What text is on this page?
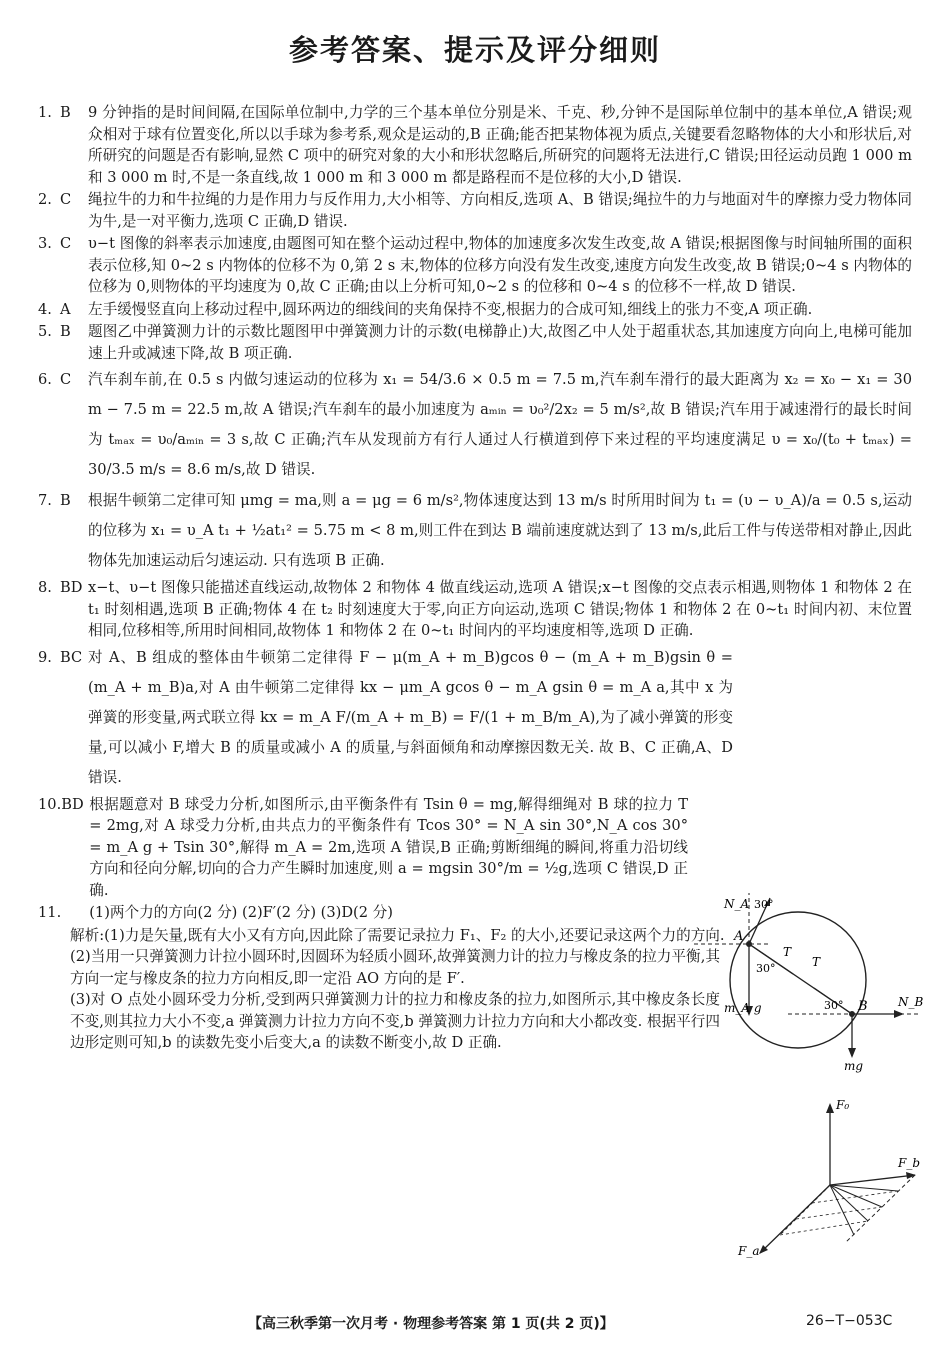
参考答案、提示及评分细则
1. B	9 分钟指的是时间间隔,在国际单位制中,力学的三个基本单位分别是米、千克、秒,分钟不是国际单位制中的基本单位,A 错误;观众相对于球有位置变化,所以以手球为参考系,观众是运动的,B 正确;能否把某物体视为质点,关键要看忽略物体的大小和形状后,对所研究的问题是否有影响,显然 C 项中的研究对象的大小和形状忽略后,所研究的问题将无法进行,C 错误;田径运动员跑 1 000 m 和 3 000 m 时,不是一条直线,故 1 000 m 和 3 000 m 都是路程而不是位移的大小,D 错误.
2. C	绳拉牛的力和牛拉绳的力是作用力与反作用力,大小相等、方向相反,选项 A、B 错误;绳拉牛的力与地面对牛的摩擦力受力物体同为牛,是一对平衡力,选项 C 正确,D 错误.
3. C	υ−t 图像的斜率表示加速度,由题图可知在整个运动过程中,物体的加速度多次发生改变,故 A 错误;根据图像与时间轴所围的面积表示位移,知 0~2 s 内物体的位移不为 0,第 2 s 末,物体的位移方向没有发生改变,速度方向发生改变,故 B 错误;0~4 s 内物体的位移为 0,则物体的平均速度为 0,故 C 正确;由以上分析可知,0~2 s 的位移和 0~4 s 的位移不一样,故 D 错误.
4. A	左手缓慢竖直向上移动过程中,圆环两边的细线间的夹角保持不变,根据力的合成可知,细线上的张力不变,A 项正确.
5. B	题图乙中弹簧测力计的示数比题图甲中弹簧测力计的示数(电梯静止)大,故图乙中人处于超重状态,其加速度方向向上,电梯可能加速上升或减速下降,故 B 项正确.
6. C	汽车刹车前,在 0.5 s 内做匀速运动的位移为 x₁ = 54/3.6 × 0.5 m = 7.5 m,汽车刹车滑行的最大距离为 x₂ = x₀ − x₁ = 30 m − 7.5 m = 22.5 m,故 A 错误;汽车刹车的最小加速度为 aₘᵢₙ = υ₀²/2x₂ = 5 m/s²,故 B 错误;汽车用于减速滑行的最长时间为 tₘₐₓ = υ₀/aₘᵢₙ = 3 s,故 C 正确;汽车从发现前方有行人通过人行横道到停下来过程的平均速度满足 υ = x₀/(t₀ + tₘₐₓ) = 30/3.5 m/s = 8.6 m/s,故 D 错误.
7. B	根据牛顿第二定律可知 μmg = ma,则 a = μg = 6 m/s²,物体速度达到 13 m/s 时所用时间为 t₁ = (υ − υ_A)/a = 0.5 s,运动的位移为 x₁ = υ_A t₁ + ½at₁² = 5.75 m < 8 m,则工件在到达 B 端前速度就达到了 13 m/s,此后工件与传送带相对静止,因此物体先加速运动后匀速运动. 只有选项 B 正确.
8. BD x−t、υ−t 图像只能描述直线运动,故物体 2 和物体 4 做直线运动,选项 A 错误;x−t 图像的交点表示相遇,则物体 1 和物体 2 在 t₁ 时刻相遇,选项 B 正确;物体 4 在 t₂ 时刻速度大于零,向正方向运动,选项 C 错误;物体 1 和物体 2 在 0~t₁ 时间内初、末位置相同,位移相等,所用时间相同,故物体 1 和物体 2 在 0~t₁ 时间内的平均速度相等,选项 D 正确.
9. BC 对 A、B 组成的整体由牛顿第二定律得 F − μ(m_A + m_B)gcos θ − (m_A + m_B)gsin θ = (m_A + m_B)a,对 A 由牛顿第二定律得 kx − μm_A gcos θ − m_A gsin θ = m_A a,其中 x 为弹簧的形变量,两式联立得 kx = m_A F/(m_A + m_B) = F/(1 + m_B/m_A),为了减小弹簧的形变量,可以减小 F,增大 B 的质量或减小 A 的质量,与斜面倾角和动摩擦因数无关. 故 B、C 正确,A、D 错误.
10. BD 根据题意对 B 球受力分析,如图所示,由平衡条件有 Tsin θ = mg,解得细绳对 B 球的拉力 T = 2mg,对 A 球受力分析,由共点力的平衡条件有 Tcos 30° = N_A sin 30°,N_A cos 30° = m_A g + Tsin 30°,解得 m_A = 2m,选项 A 错误,B 正确;剪断细绳的瞬间,将重力沿切线方向和径向分解,切向的合力产生瞬时加速度,则 a = mgsin 30°/m = ½g,选项 C 错误,D 正确.
11. (1)两个力的方向(2 分) (2)F′(2 分) (3)D(2 分)
解析:(1)力是矢量,既有大小又有方向,因此除了需要记录拉力 F₁、F₂ 的大小,还要记录这两个力的方向.
(2)当用一只弹簧测力计拉小圆环时,因圆环为轻质小圆环,故弹簧测力计的拉力与橡皮条的拉力平衡,其方向一定与橡皮条的拉力方向相反,即一定沿 AO 方向的是 F′.
(3)对 O 点处小圆环受力分析,受到两只弹簧测力计的拉力和橡皮条的拉力,如图所示,其中橡皮条长度不变,则其拉力大小不变,a 弹簧测力计拉力方向不变,b 弹簧测力计拉力方向和大小都改变. 根据平行四边形定则可知,b 的读数先变小后变大,a 的读数不断变小,故 D 正确.
N_A 30°
A
T
T
30°
30°
m_A g	B	N_B
mg
F₀
F_b
F_a
【高三秋季第一次月考 · 物理参考答案 第 1 页(共 2 页)】	26−T−053C
